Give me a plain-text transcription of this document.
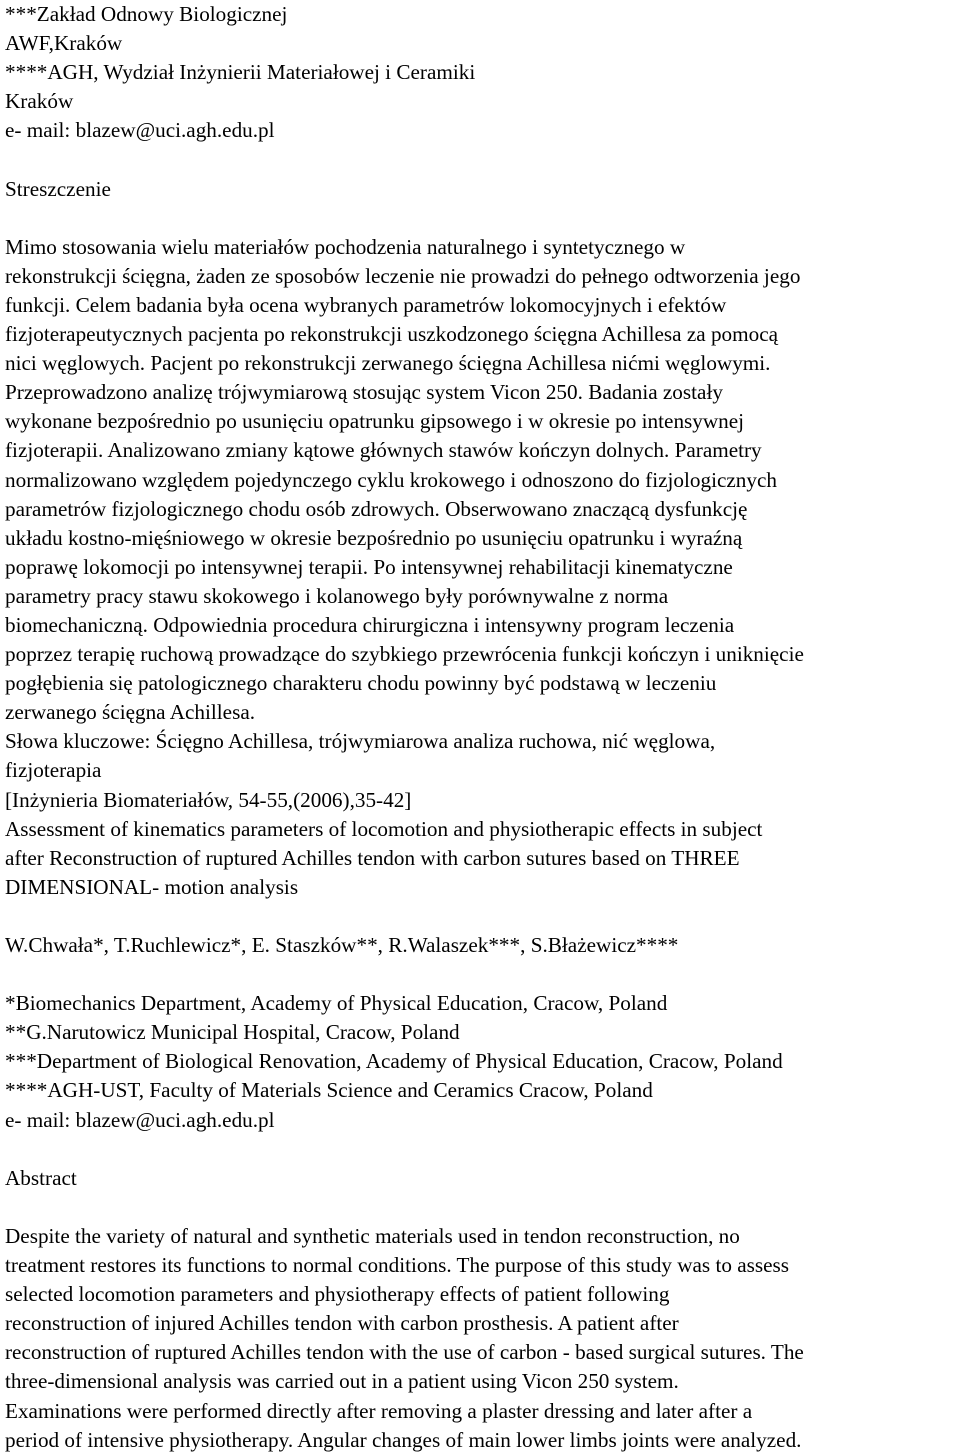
***Zakład Odnowy Biologicznej
AWF,Kraków
****AGH, Wydział Inżynierii Materiałowej i Ceramiki
Kraków
e- mail: blazew@uci.agh.edu.pl
Streszczenie
Mimo stosowania wielu materiałów pochodzenia naturalnego i syntetycznego w
rekonstrukcji ścięgna, żaden ze sposobów leczenie nie prowadzi do pełnego odtworzenia jego
funkcji. Celem badania była ocena wybranych parametrów lokomocyjnych i efektów
fizjoterapeutycznych pacjenta po rekonstrukcji uszkodzonego ścięgna Achillesa za pomocą
nici węglowych. Pacjent po rekonstrukcji zerwanego ścięgna Achillesa nićmi węglowymi.
Przeprowadzono analizę trójwymiarową stosując system Vicon 250. Badania zostały
wykonane bezpośrednio po usunięciu opatrunku gipsowego i w okresie po intensywnej
fizjoterapii. Analizowano zmiany kątowe głównych stawów kończyn dolnych. Parametry
normalizowano względem pojedynczego cyklu krokowego i odnoszono do fizjologicznych
parametrów fizjologicznego chodu osób zdrowych. Obserwowano znaczącą dysfunkcję
układu kostno-mięśniowego w okresie bezpośrednio po usunięciu opatrunku i wyraźną
poprawę lokomocji po intensywnej terapii. Po intensywnej rehabilitacji kinematyczne
parametry pracy stawu skokowego i kolanowego były porównywalne z norma
biomechaniczną. Odpowiednia procedura chirurgiczna i intensywny program leczenia
poprzez terapię ruchową prowadzące do szybkiego przewrócenia funkcji kończyn i uniknięcie
pogłębienia się patologicznego charakteru chodu powinny być podstawą w leczeniu
zerwanego ścięgna Achillesa.
Słowa kluczowe: Ścięgno Achillesa, trójwymiarowa analiza ruchowa, nić węglowa,
fizjoterapia
[Inżynieria Biomateriałów, 54-55,(2006),35-42]
Assessment of kinematics parameters of locomotion and physiotherapic effects in subject
after Reconstruction of ruptured Achilles tendon with carbon sutures based on THREE
DIMENSIONAL- motion analysis
W.Chwała*, T.Ruchlewicz*, E. Staszków**, R.Walaszek***, S.Błażewicz****
*Biomechanics Department, Academy of Physical Education, Cracow, Poland
**G.Narutowicz Municipal Hospital, Cracow, Poland
***Department of Biological Renovation, Academy of Physical Education, Cracow, Poland
****AGH-UST, Faculty of Materials Science and Ceramics Cracow, Poland
e- mail: blazew@uci.agh.edu.pl
Abstract
Despite the variety of natural and synthetic materials used in tendon reconstruction, no
treatment restores its functions to normal conditions. The purpose of this study was to assess
selected locomotion parameters and physiotherapy effects of patient following
reconstruction of injured Achilles tendon with carbon prosthesis. A patient after
reconstruction of ruptured Achilles tendon with the use of carbon - based surgical sutures. The
three-dimensional analysis was carried out in a patient using Vicon 250 system.
Examinations were performed directly after removing a plaster dressing and later after a
period of intensive physiotherapy. Angular changes of main lower limbs joints were analyzed.
